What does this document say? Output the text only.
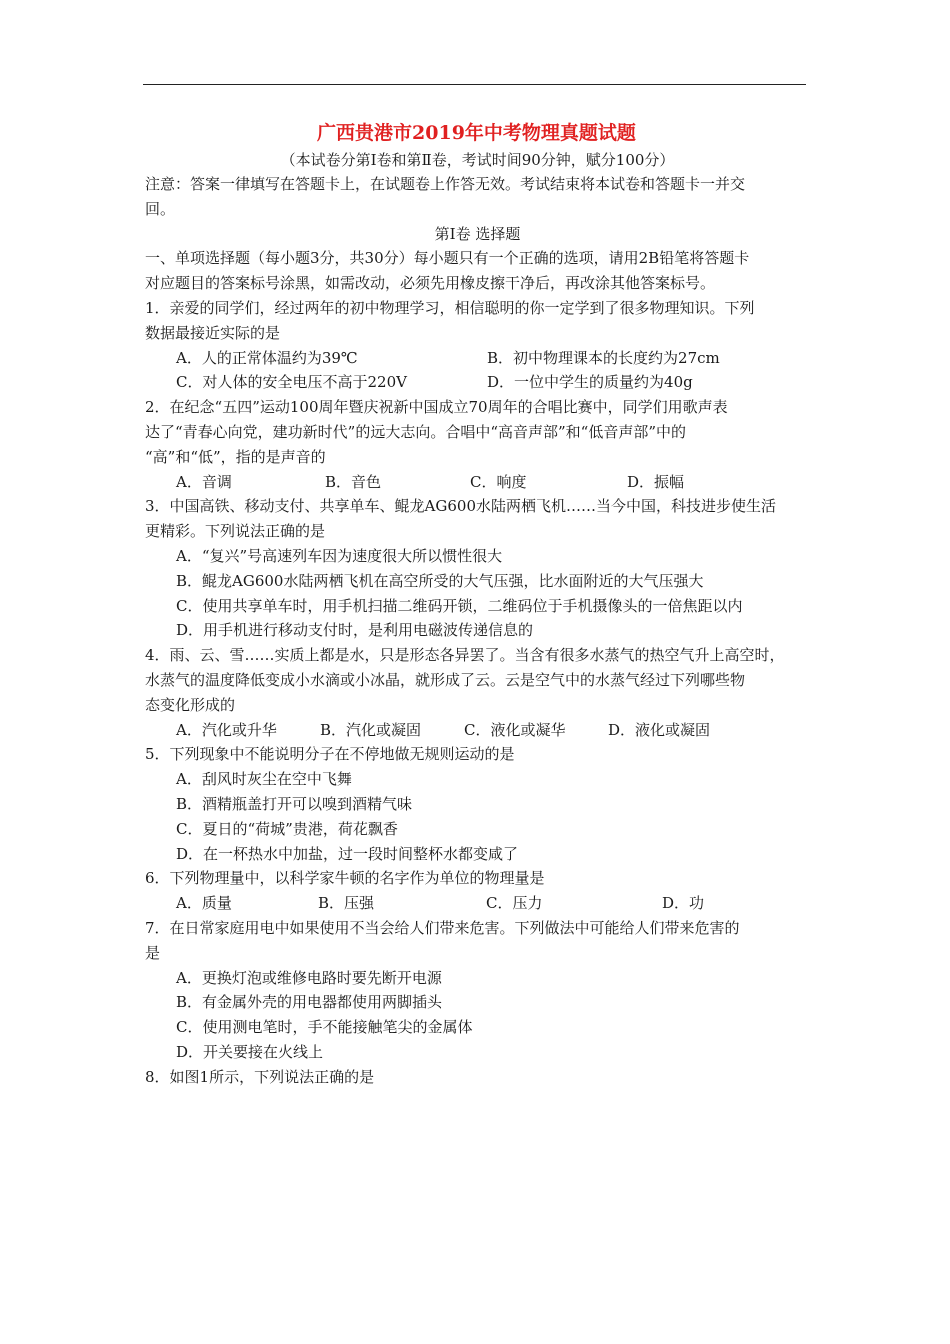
广西贵港市2019年中考物理真题试题
（本试卷分第Ⅰ卷和第Ⅱ卷，考试时间90分钟，赋分100分）

注意：答案一律填写在答题卡上，在试题卷上作答无效。考试结束将本试卷和答题卡一并交

回。

第Ⅰ卷 选择题

一、单项选择题（每小题3分，共30分）每小题只有一个正确的选项，请用2B铅笔将答题卡

对应题目的答案标号涂黑，如需改动，必须先用橡皮擦干净后，再改涂其他答案标号。

1．亲爱的同学们，经过两年的初中物理学习，相信聪明的你一定学到了很多物理知识。下列

数据最接近实际的是

A．人的正常体温约为39℃	B．初中物理课本的长度约为27cm
C．对人体的安全电压不高于220V	D．一位中学生的质量约为40g

2．在纪念“五四”运动100周年暨庆祝新中国成立70周年的合唱比赛中，同学们用歌声表

达了“青春心向党，建功新时代”的远大志向。合唱中“高音声部”和“低音声部”中的

“高”和“低”，指的是声音的

A．音调	B．音色	C．响度	D．振幅

3．中国高铁、移动支付、共享单车、鲲龙AG600水陆两栖飞机……当今中国，科技进步使生活

更精彩。下列说法正确的是

A．“复兴”号高速列车因为速度很大所以惯性很大

B．鲲龙AG600水陆两栖飞机在高空所受的大气压强，比水面附近的大气压强大

C．使用共享单车时，用手机扫描二维码开锁，二维码位于手机摄像头的一倍焦距以内

D．用手机进行移动支付时，是利用电磁波传递信息的

4．雨、云、雪……实质上都是水，只是形态各异罢了。当含有很多水蒸气的热空气升上高空时，

水蒸气的温度降低变成小水滴或小冰晶，就形成了云。云是空气中的水蒸气经过下列哪些物

态变化形成的

A．汽化或升华	B．汽化或凝固	C．液化或凝华	D．液化或凝固

5．下列现象中不能说明分子在不停地做无规则运动的是

A．刮风时灰尘在空中飞舞

B．酒精瓶盖打开可以嗅到酒精气味

C．夏日的“荷城”贵港，荷花飘香

D．在一杯热水中加盐，过一段时间整杯水都变咸了

6．下列物理量中，以科学家牛顿的名字作为单位的物理量是

A．质量	B．压强	C．压力	D．功

7．在日常家庭用电中如果使用不当会给人们带来危害。下列做法中可能给人们带来危害的

是

A．更换灯泡或维修电路时要先断开电源

B．有金属外壳的用电器都使用两脚插头

C．使用测电笔时，手不能接触笔尖的金属体

D．开关要接在火线上

8．如图1所示，下列说法正确的是
